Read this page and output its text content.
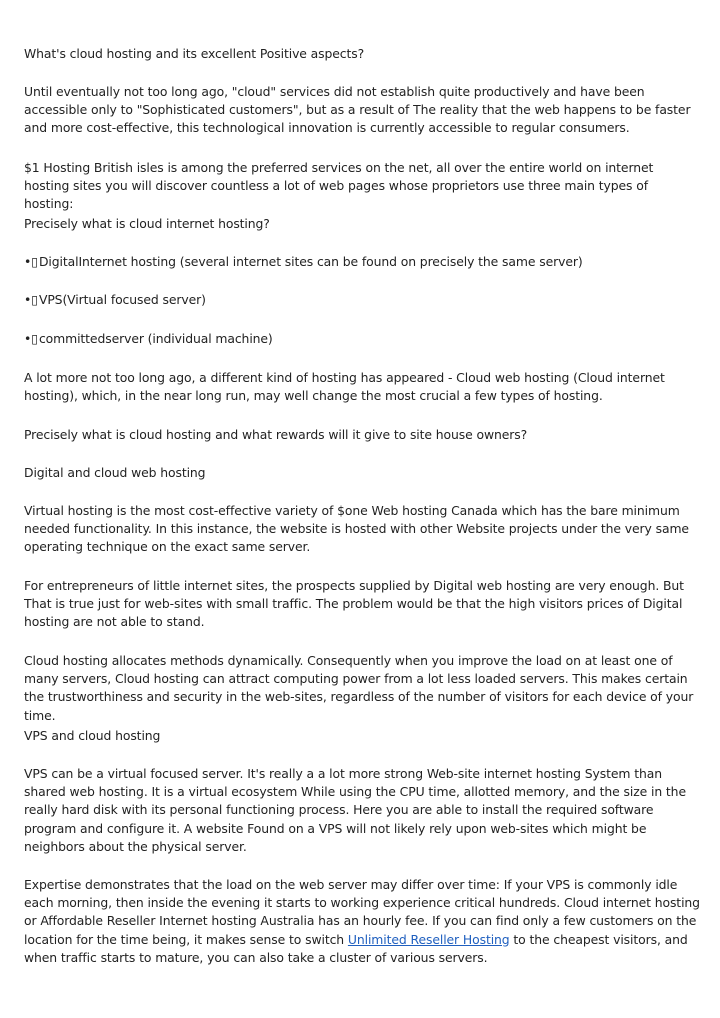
What's cloud hosting and its excellent Positive aspects?

Until eventually not too long ago, "cloud" services did not establish quite productively and have been accessible only to "Sophisticated customers", but as a result of The reality that the web happens to be faster and more cost-effective, this technological innovation is currently accessible to regular consumers.

$1 Hosting British isles is among the preferred services on the net, all over the entire world on internet hosting sites you will discover countless a lot of web pages whose proprietors use three main types of hosting:

Precisely what is cloud internet hosting?

•▯DigitalInternet hosting (several internet sites can be found on precisely the same server)

•▯VPS(Virtual focused server)

•▯committedserver (individual machine)

A lot more not too long ago, a different kind of hosting has appeared - Cloud web hosting (Cloud internet hosting), which, in the near long run, may well change the most crucial a few types of hosting.

Precisely what is cloud hosting and what rewards will it give to site house owners?

Digital and cloud web hosting

Virtual hosting is the most cost-effective variety of $one Web hosting Canada which has the bare minimum needed functionality. In this instance, the website is hosted with other Website projects under the very same operating technique on the exact same server.

For entrepreneurs of little internet sites, the prospects supplied by Digital web hosting are very enough. But That is true just for web-sites with small traffic. The problem would be that the high visitors prices of Digital hosting are not able to stand.

Cloud hosting allocates methods dynamically. Consequently when you improve the load on at least one of many servers, Cloud hosting can attract computing power from a lot less loaded servers. This makes certain the trustworthiness and security in the web-sites, regardless of the number of visitors for each device of your time.

VPS and cloud hosting

VPS can be a virtual focused server. It's really a a lot more strong Web-site internet hosting System than shared web hosting. It is a virtual ecosystem While using the CPU time, allotted memory, and the size in the really hard disk with its personal functioning process. Here you are able to install the required software program and configure it. A website Found on a VPS will not likely rely upon web-sites which might be neighbors about the physical server.

Expertise demonstrates that the load on the web server may differ over time: If your VPS is commonly idle each morning, then inside the evening it starts to working experience critical hundreds. Cloud internet hosting or Affordable Reseller Internet hosting Australia has an hourly fee. If you can find only a few customers on the location for the time being, it makes sense to switch Unlimited Reseller Hosting to the cheapest visitors, and when traffic starts to mature, you can also take a cluster of various servers.
